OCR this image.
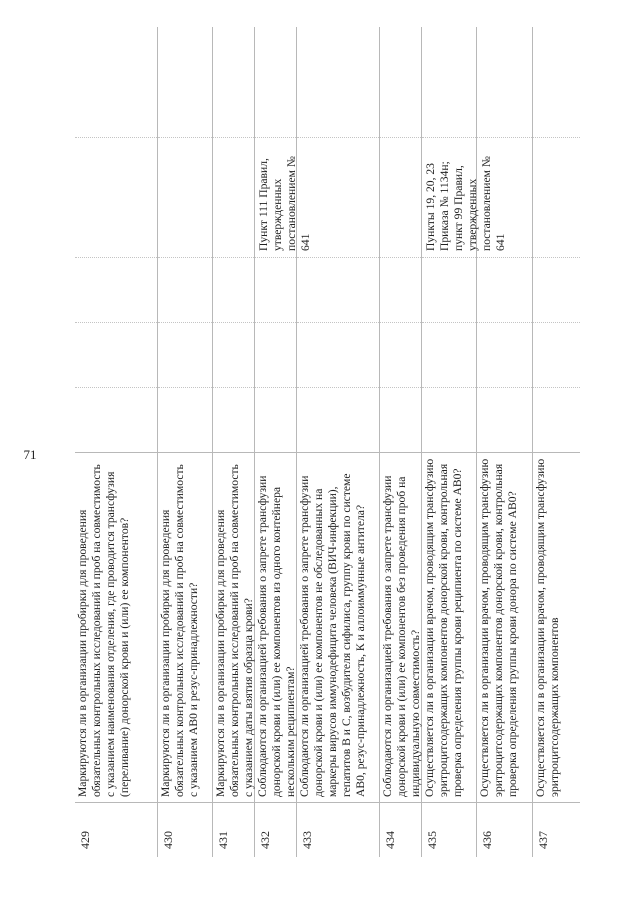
71
429
Маркируются ли в организации пробирки для проведения обязательных контрольных исследований и проб на совместимость с указанием наименования отделения, где проводится трансфузия (переливание) донорской крови и (или) ее компонентов?
430
Маркируются ли в организации пробирки для проведения обязательных контрольных исследований и проб на совместимость с указанием АВ0 и резус-принадлежности?
431
Маркируются ли в организации пробирки для проведения обязательных контрольных исследований и проб на совместимость с указанием даты взятия образца крови?
432
Соблюдаются ли организацией требования о запрете трансфузии донорской крови и (или) ее компонентов из одного контейнера нескольким реципиентам?
Пункт 111 Правил, утвержденных постановлением № 641
433
Соблюдаются ли организацией требования о запрете трансфузии донорской крови и (или) ее компонентов не обследованных на маркеры вирусов иммунодефицита человека (ВИЧ-инфекции), гепатитов В и С, возбудителя сифилиса, группу крови по системе АВ0, резус-принадлежность, К и аллоиммунные антитела?
434
Соблюдаются ли организацией требования о запрете трансфузии донорской крови и (или) ее компонентов без проведения проб на индивидуальную совместимость?
435
Осуществляется ли в организации врачом, проводящим трансфузию эритроцитсодержащих компонентов донорской крови, контрольная проверка определения группы крови реципиента по системе АВ0?
Пункты 19, 20, 23 Приказа № 1134н; пункт 99 Правил, утвержденных постановлением № 641
436
Осуществляется ли в организации врачом, проводящим трансфузию эритроцитсодержащих компонентов донорской крови, контрольная проверка определения группы крови донора по системе АВ0?
437
Осуществляется ли в организации врачом, проводящим трансфузию эритроцитсодержащих компонентов
